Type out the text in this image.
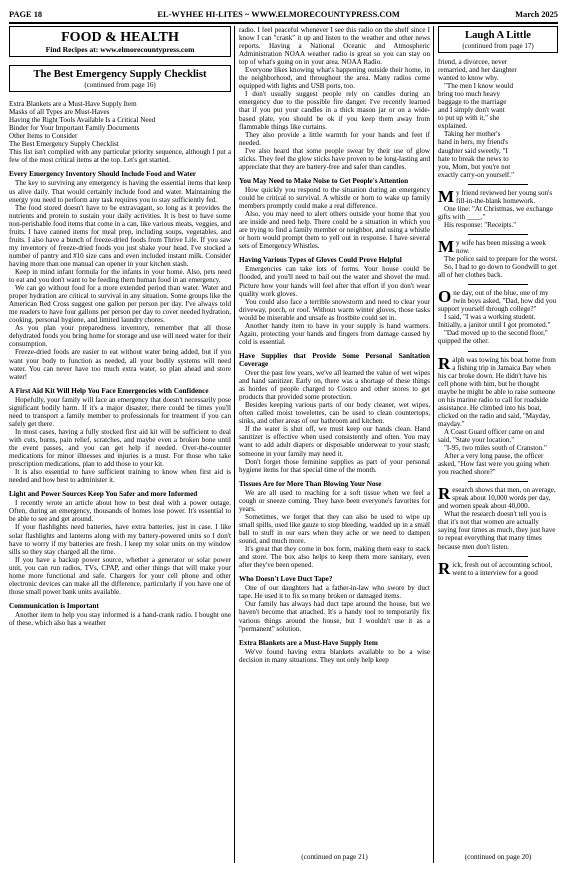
PAGE 18	EL-WYHEE HI-LITES ~ WWW.ELMORECOUNTYPRESS.COM	March 2025
FOOD & HEALTH
Find Recipes at: www.elmorecountypress.com
The Best Emergency Supply Checklist
(continued from page 16)
Extra Blankets are a Must-Have Supply Item
Masks of all Types are Must-Haves
Having the Right Tools Available Is a Critical Need
Binder for Your Important Family Documents
Other Items to Consider
The Best Emergency Supply Checklist

This list isn't complied with any particular priority sequence, although I put a few of the most critical items at the top. Let's get started.

Every Emergency Inventory Should Include Food and Water

The key to surviving any emergency is having the essential items that keep us alive daily. That would certainly include food and water. Maintaining the energy you need to perform any task requires you to stay sufficiently fed.

The food stored doesn't have to be extravagant, so long as it provides the nutrients and protein to sustain your daily activities. It is best to have some non-perishable food items that come in a can, like various meats, veggies, and fruits. I have canned items for meal prep, including soups, vegetables, and fruits. I also have a bunch of freeze-dried foods from Thrive Life. If you saw my inventory of freeze-dried foods you just shake your head. I've stocked a number of pantry and #10 size cans and even included instant milk. Consider having more than one manual can opener in your kitchen stash.

Keep in mind infant formula for the infants in your home. Also, pets need to eat and you don't want to be feeding them human food in an emergency.

We can go without food for a more extended period than water. Water and proper hydration are critical to survival in any situation. Some groups like the American Red Cross suggest one gallon per person per day. I've always told me readers to have four gallons per person per day to cover needed hydration, cooking, personal hygiene, and limited laundry chores.

As you plan your preparedness inventory, remember that all those dehydrated foods you bring home for storage and use will need water for their consumption.

Freeze-dried foods are easier to eat without water being added, but if you want your body to function as needed, all your bodily systems will need water. You can never have too much extra water, so plan ahead and store water!

A First Aid Kit Will Help You Face Emergencies with Confidence

Hopefully, your family will face an emergency that doesn't necessarily pose significant bodily harm. If it's a major disaster, there could be times you'll need to transport a family member to professionals for treatment if you can safely get there.

In most cases, having a fully stocked first aid kit will be sufficient to deal with cuts, burns, pain relief, scratches, and maybe even a broken bone until the event passes, and you can get help if needed. Over-the-counter medications for minor illnesses and injuries is a must. For those who take prescription medications, plan to add those to your kit.

It is also essential to have sufficient training to know when first aid is needed and how best to administer it.

Light and Power Sources Keep You Safer and more Informed

I recently wrote an article about how to best deal with a power outage. Often, during an emergency, thousands of homes lose power. It's essential to be able to see and get around.

If your flashlights need batteries, have extra batteries, just in case. I like solar flashlights and lanterns along with my battery-powered units so I don't have to worry if my batteries are fresh. I keep my solar units on my window sills so they stay charged all the time.

If you have a backup power source, whether a generator or solar power unit, you can run radios, TVs, CPAP, and other things that will make your home more functional and safe. Chargers for your cell phone and other electronic devices can make all the difference, particularly if you have one of those small power bank units available.

Communication is Important

Another item to help you stay informed is a hand-crank radio. I bought one of these, which also has a weather

radio. I feel peaceful whenever I see this radio on the shelf since I know I can "crank" it up and listen to the weather and other news reports. Having a National Oceanic and Atmospheric Administration NOAA weather radio is great so you can stay on top of what's going on in your area. NOAA Radio.

Everyone likes knowing what's happening outside their home, in the neighborhood, and throughout the area. Many radios come equipped with lights and USB ports, too.

I don't usually suggest people rely on candles during an emergency due to the possible fire danger. I've recently learned that if you put your candles in a thick mason jar or on a wide-based plate, you should be ok if you keep them away from flammable things like curtains.

They also provide a little warmth for your hands and feet if needed.

I've also heard that some people swear by their use of glow sticks. They feel the glow sticks have proven to be long-lasting and appreciate that they are battery-free and safer than candles.

You May Need to Make Noise to Get People's Attention

How quickly you respond to the situation during an emergency could be critical to survival. A whistle or horn to wake up family members promptly could make a real difference.

Also, you may need to alert others outside your home that you are inside and need help. There could be a situation in which you are trying to find a family member or neighbor, and using a whistle or horn would prompt them to yell out in response. I have several sets of Emergency Whistles.

Having Various Types of Gloves Could Prove Helpful

Emergencies can take lots of forms. Your house could be flooded, and you'll need to bail out the water and shovel the mud. Picture how your hands will feel after that effort if you don't wear quality work gloves.

You could also face a terrible snowstorm and need to clear your driveway, porch, or roof. Without warm winter gloves, those tasks would be miserable and unsafe as frostbite could set in.

Another handy item to have in your supply is hand warmers. Again, protecting your hands and fingers from damage caused by cold is essential.

Have Supplies that Provide Some Personal Sanitation Coverage

Over the past few years, we've all learned the value of wet wipes and hand sanitizer. Early on, there was a shortage of these things as hordes of people charged to Costco and other stores to get products that provided some protection.

Besides keeping various parts of our body cleaner, wet wipes, often called moist towelettes, can be used to clean countertops, sinks, and other areas of our bathroom and kitchen.

If the water is shut off, we must keep our hands clean. Hand sanitizer is effective when used consistently and often. You may want to add adult diapers or disposable underwear to your stash; someone in your family may need it.

Don't forget those feminine supplies as part of your personal hygiene items for that special time of the month.

Tissues Are for More Than Blowing Your Nose

We are all used to reaching for a soft tissue when we feel a cough or sneeze coming. They have been everyone's favorites for years.

Sometimes, we forget that they can also be used to wipe up small spills, used like gauze to stop bleeding, wadded up in a small ball to stuff in our ears when they ache or we need to dampen sound, and much more.

It's great that they come in box form, making them easy to stack and store. The box also helps to keep them more sanitary, even after they've been opened.

Who Doesn't Love Duct Tape?

One of our daughters had a father-in-law who swore by duct tape. He used it to fix so many broken or damaged items.

Our family has always had duct tape around the house, but we haven't become that attached. It's a handy tool to temporarily fix various things around the house, but I wouldn't use it as a "permanent" solution.

Extra Blankets are a Must-Have Supply Item

We've found having extra blankets available to be a wise decision in many situations. They not only help keep

(continued on page 21)
Laugh A Little
(continued from page 17)
friend, a divorcee, never
remarried, and her daughter
wanted to know why.
"The men I know would
bring too much heavy
baggage to the marriage
and I simply don't want
to put up with it," she
explained.
Taking her mother's
hand in hers, my friend's
daughter said sweetly, "I
hate to break the news to
you, Mom, but you're not
exactly carry-on yourself."

My friend reviewed her young son's fill-in-the-blank homework.

One line: "At Christmas, we exchange gifts with ____."

His response: "Receipts."

My wife has been missing a week now.

The police said to prepare for the worst.

So, I had to go down to Goodwill to get all of her clothes back.

One day, out of the blue, one of my twin boys asked, "Dad, how did you support yourself through college?"

I said, "I was a working student. Initially, a janitor until I got promoted."

"Dad moved up to the second floor," quipped the other.

Ralph was towing his boat home from a fishing trip in Jamaica Bay when his car broke down. He didn't have his cell phone with him, but he thought maybe he might be able to raise someone on his marine radio to call for roadside assistance. He climbed into his boat, clicked on the radio and said, "Mayday, mayday."

A Coast Guard officer came on and said, "State your location."

"I-95, two miles south of Cranston."

After a very long pause, the officer asked, "How fast were you going when you reached shore?"

Research shows that men, on average, speak about 10,000 words per day, and women speak about 40,000.

What the research doesn't tell you is that it's not that women are actually saying four times as much, they just have to repeat everything that many times because men don't listen.

Rick, fresh out of accounting school, went to a interview for a good

(continued on page 20)
